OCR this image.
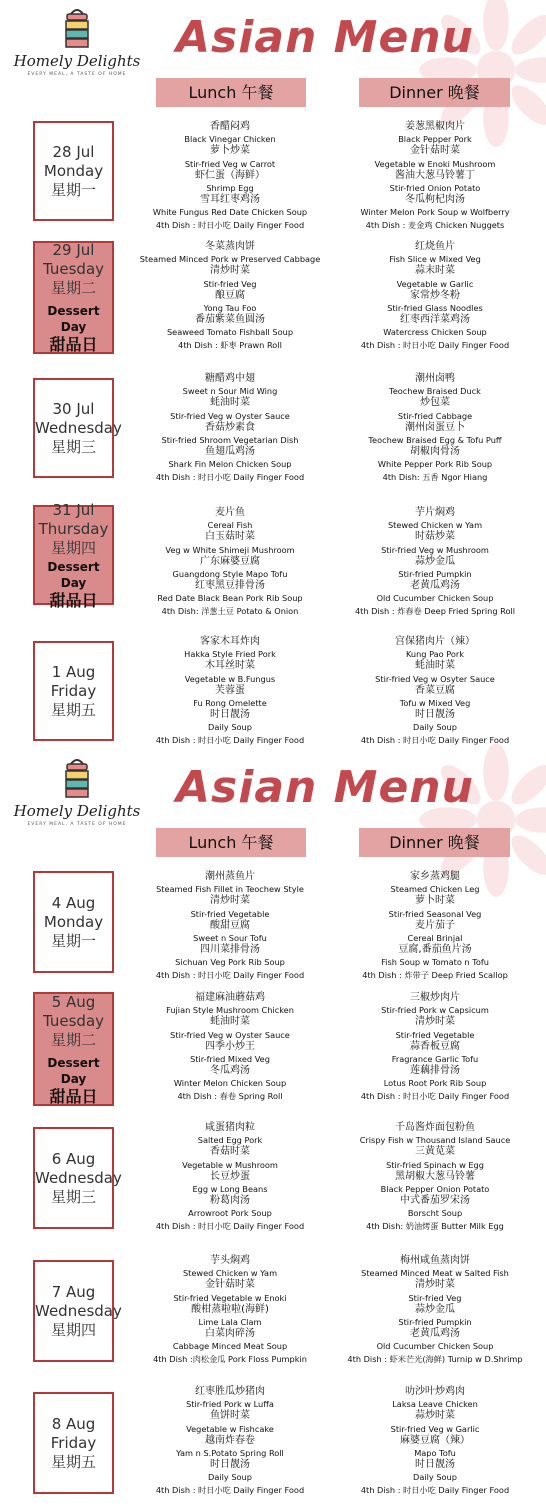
Homely Delights
EVERY MEAL, A TASTE OF HOME
Asian Menu
Lunch 午餐	Dinner 晚餐
28 Jul
Monday
星期一
香醋闷鸡
Black Vinegar Chicken
萝卜炒菜
Stir-fried Veg w Carrot
虾仁蛋（海鲜）
Shrimp Egg
雪耳红枣鸡汤
White Fungus Red Date Chicken Soup
4th Dish : 时日小吃 Daily Finger Food
姜葱黑椒肉片
Black Pepper Pork
金针菇时菜
Vegetable w Enoki Mushroom
酱油大葱马铃薯丁
Stir-fried Onion Potato
冬瓜枸杞肉汤
Winter Melon Pork Soup w Wolfberry
4th Dish : 麦金鸡 Chicken Nuggets
29 Jul
Tuesday
星期二
Dessert Day
甜品日
冬菜蒸肉饼
Steamed Minced Pork w Preserved Cabbage
清炒时菜
Stir-fried Veg
酿豆腐
Yong Tau Foo
番茄紫菜鱼圆汤
Seaweed Tomato Fishball Soup
4th Dish : 虾枣 Prawn Roll
红烧鱼片
Fish Slice w Mixed Veg
蒜末时菜
Vegetable w Garlic
家常炒冬粉
Stir-fried Glass Noodles
红枣西洋菜鸡汤
Watercress Chicken Soup
4th Dish : 时日小吃 Daily Finger Food
30 Jul
Wednesday
星期三
糖醋鸡中翅
Sweet n Sour Mid Wing
蚝油时菜
Stir-fried Veg w Oyster Sauce
香菇炒素食
Stir-fried Shroom Vegetarian Dish
鱼翅瓜鸡汤
Shark Fin Melon Chicken Soup
4th Dish : 时日小吃 Daily Finger Food
潮州卤鸭
Teochew Braised Duck
炒包菜
Stir-fried Cabbage
潮州卤蛋豆卜
Teochew Braised Egg & Tofu Puff
胡椒肉骨汤
White Pepper Pork Rib Soup
4th Dish: 五香 Ngor Hiang
31 Jul
Thursday
星期四
Dessert Day
甜品日
麦片鱼
Cereal Fish
白玉菇时菜
Veg w White Shimeji Mushroom
广东麻婆豆腐
Guangdong Style Mapo Tofu
红枣黑豆排骨汤
Red Date Black Bean Pork Rib Soup
4th Dish: 洋葱土豆 Potato & Onion
芋片焖鸡
Stewed Chicken w Yam
时菇炒菜
Stir-fried Veg w Mushroom
蒜炒金瓜
Stir-fried Pumpkin
老黄瓜鸡汤
Old Cucumber Chicken Soup
4th Dish : 炸春卷 Deep Fried Spring Roll
1 Aug
Friday
星期五
客家木耳炸肉
Hakka Style Fried Pork
木耳丝时菜
Vegetable w B.Fungus
芙蓉蛋
Fu Rong Omelette
时日靓汤
Daily Soup
4th Dish : 时日小吃 Daily Finger Food
宫保猪肉片（辣）
Kung Pao Pork
蚝油时菜
Stir-fried Veg w Osyter Sauce
香菜豆腐
Tofu w Mixed Veg
时日靓汤
Daily Soup
4th Dish : 时日小吃 Daily Finger Food
Homely Delights
EVERY MEAL, A TASTE OF HOME
Asian Menu
Lunch 午餐	Dinner 晚餐
4 Aug
Monday
星期一
潮州蒸鱼片
Steamed Fish Fillet in Teochew Style
清炒时菜
Stir-fried Vegetable
酸甜豆腐
Sweet n Sour Tofu
四川菜排骨汤
Sichuan Veg Pork Rib Soup
4th Dish : 时日小吃 Daily Finger Food
家乡蒸鸡腿
Steamed Chicken Leg
萝卜时菜
Stir-fried Seasonal Veg
麦片茄子
Cereal Brinjal
豆腐,番茄鱼片汤
Fish Soup w Tomato n Tofu
4th Dish : 炸带子 Deep Fried Scallop
5 Aug
Tuesday
星期二
Dessert Day
甜品日
福建麻油蘑菇鸡
Fujian Style Mushroom Chicken
蚝油时菜
Stir-fried Veg w Oyster Sauce
四季小炒王
Stir-fried Mixed Veg
冬瓜鸡汤
Winter Melon Chicken Soup
4th Dish : 春卷 Spring Roll
三椒炒肉片
Stir-fried Pork w Capsicum
清炒时菜
Stir-fried Vegetable
蒜香板豆腐
Fragrance Garlic Tofu
莲藕排骨汤
Lotus Root Pork Rib Soup
4th Dish : 时日小吃 Daily Finger Food
6 Aug
Wednesday
星期三
咸蛋猪肉粒
Salted Egg Pork
香菇时菜
Vegetable w Mushroom
长豆炒蛋
Egg w Long Beans
粉葛肉汤
Arrowroot Pork Soup
4th Dish : 时日小吃 Daily Finger Food
千岛酱炸面包粉鱼
Crispy Fish w Thousand Island Sauce
三黄苋菜
Stir-fried Spinach w Egg
黑胡椒大葱马铃薯
Black Pepper Onion Potato
中式番茄罗宋汤
Borscht Soup
4th Dish: 奶油烤蛋 Butter Milk Egg
7 Aug
Wednesday
星期四
芋头焖鸡
Stewed Chicken w Yam
金针菇时菜
Stir-fried Vegetable w Enoki
酸柑蒸啦啦(海鲜)
Lime Lala Clam
白菜肉碎汤
Cabbage Minced Meat Soup
4th Dish :肉松金瓜 Pork Floss Pumpkin
梅州咸鱼蒸肉饼
Steamed Minced Meat w Salted Fish
清炒时菜
Stir-fried Veg
蒜炒金瓜
Stir-fried Pumpkin
老黄瓜鸡汤
Old Cucumber Chicken Soup
4th Dish : 虾米芒光(海鲜) Turnip w D.Shrimp
8 Aug
Friday
星期五
红枣胜瓜炒猪肉
Stir-fried Pork w Luffa
鱼饼时菜
Vegetable w Fishcake
越南炸春卷
Yam n S.Potato Spring Roll
时日靓汤
Daily Soup
4th Dish : 时日小吃 Daily Finger Food
叻沙叶炒鸡肉
Laksa Leave Chicken
蒜炒时菜
Stir-fried Veg w Garlic
麻婆豆腐（辣）
Mapo Tofu
时日靓汤
Daily Soup
4th Dish : 时日小吃 Daily Finger Food
